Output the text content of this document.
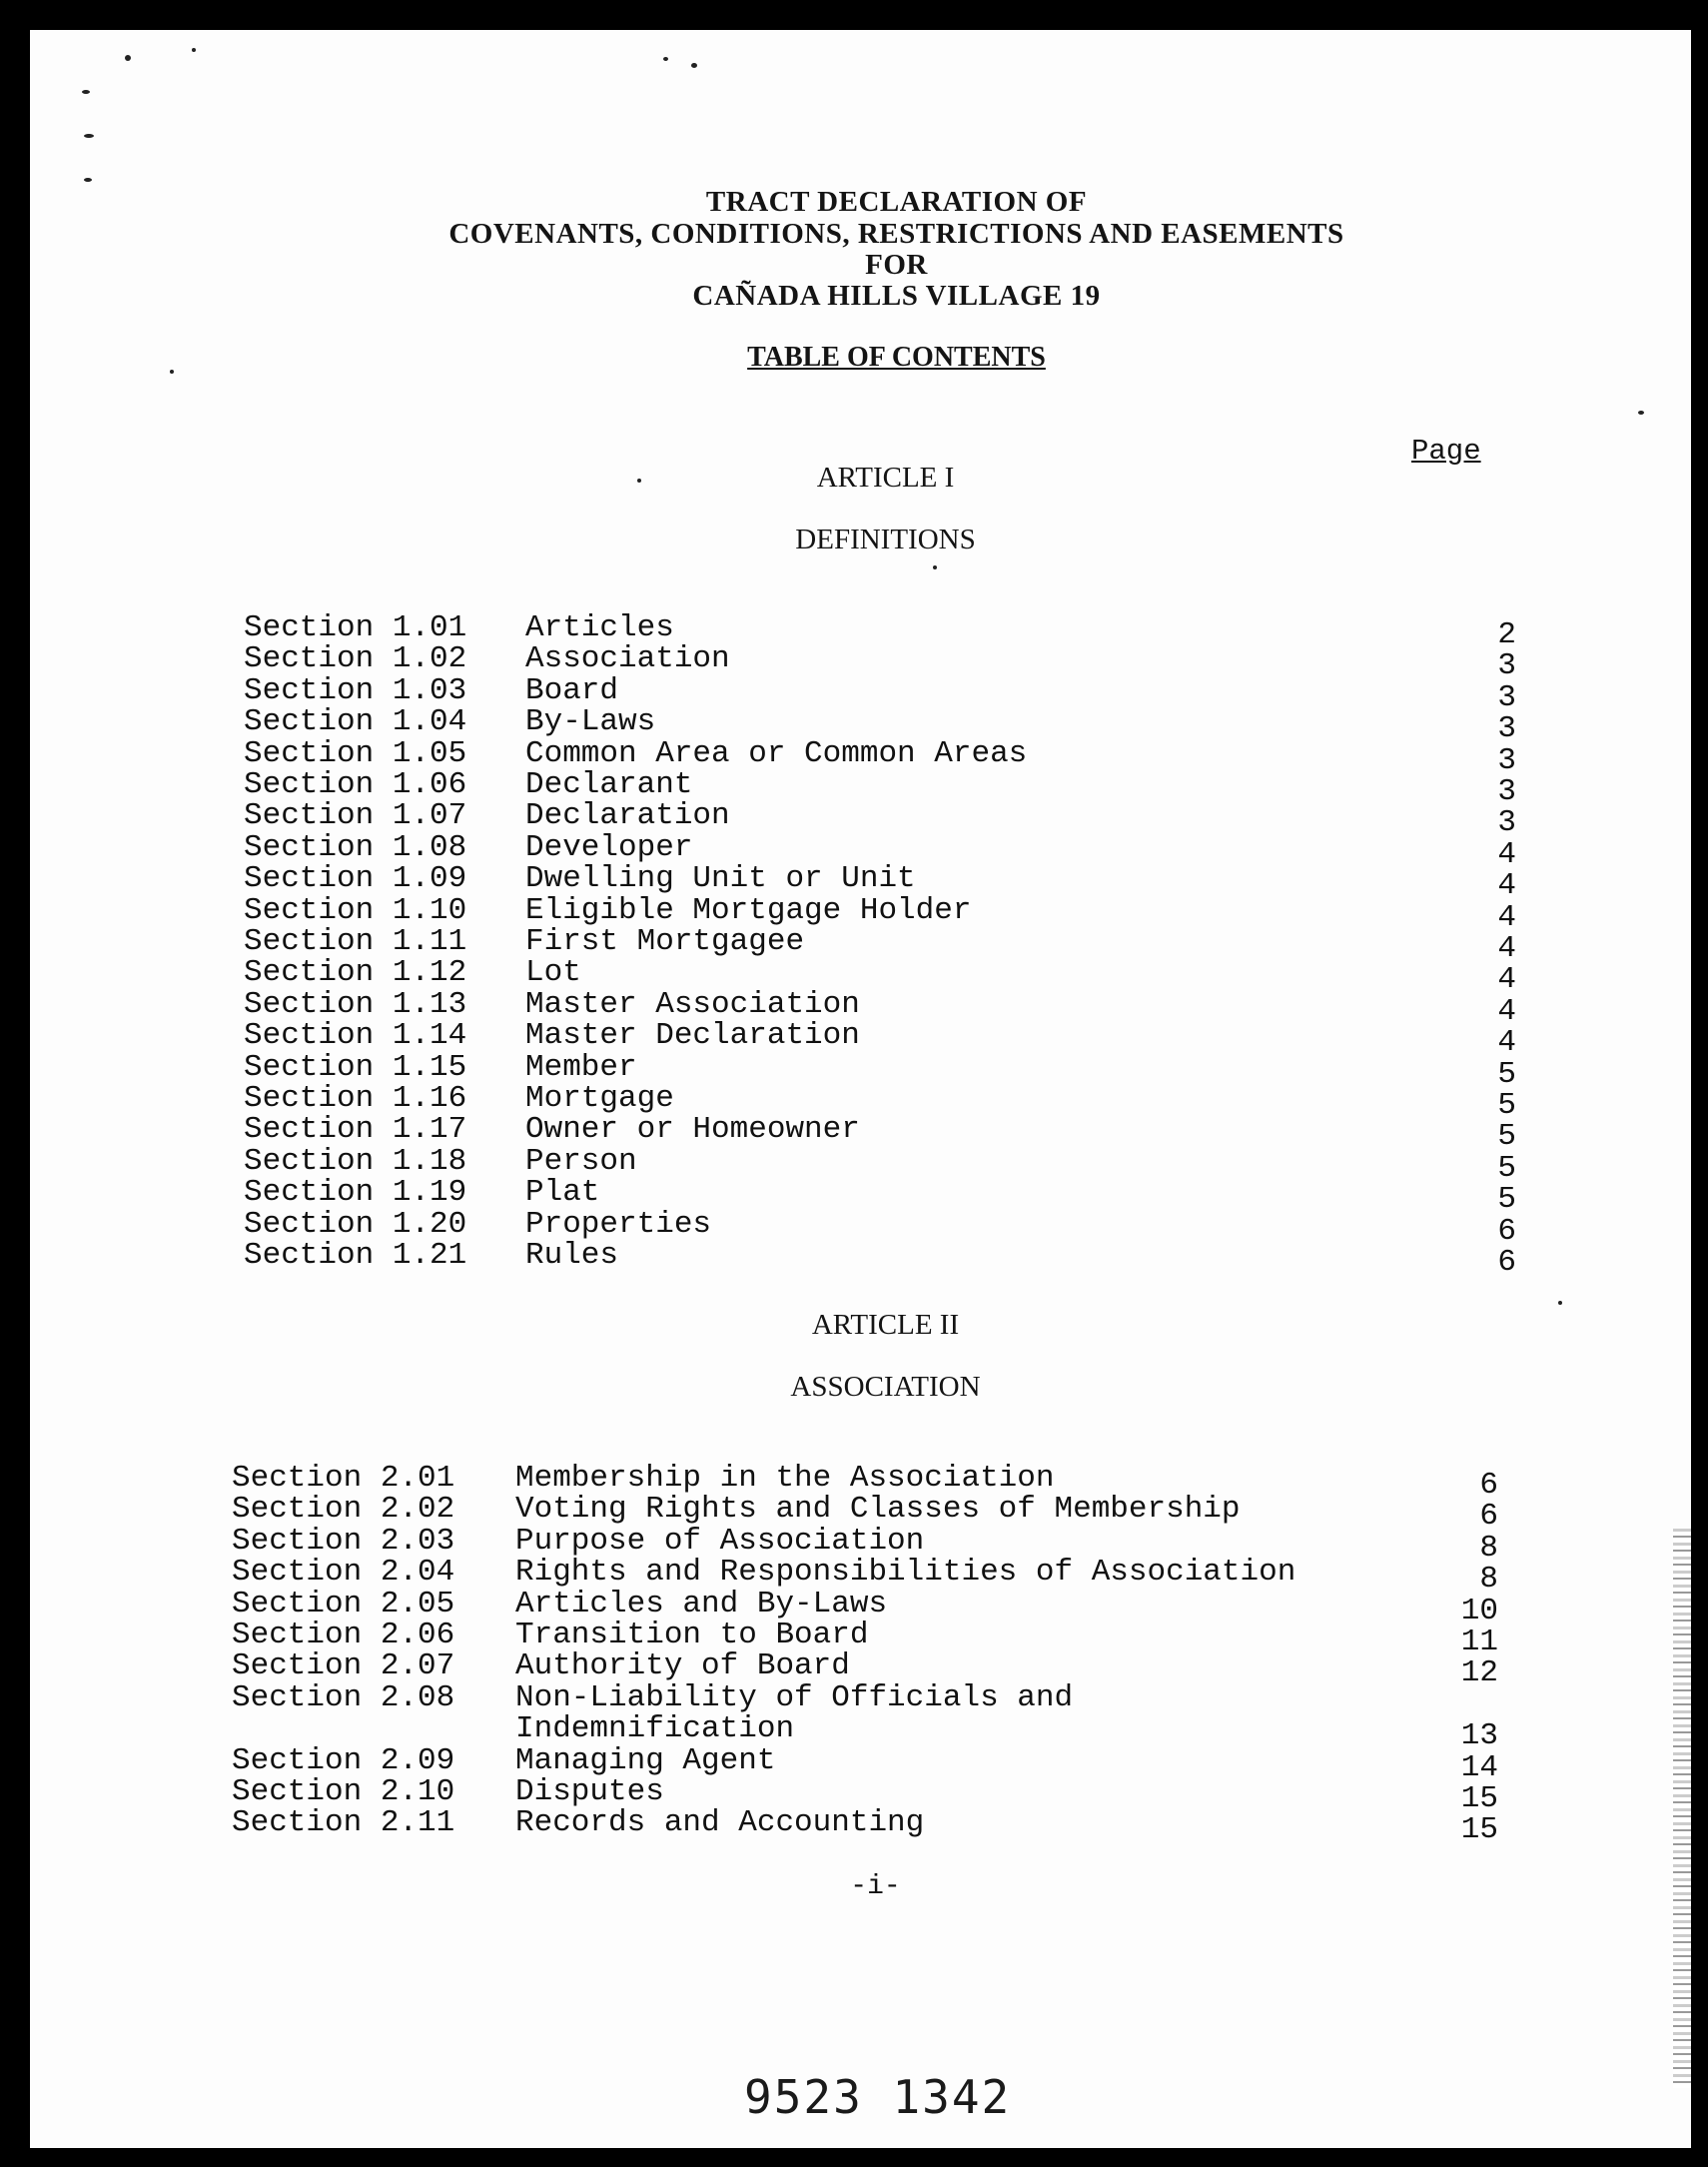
TRACT DECLARATION OF
COVENANTS, CONDITIONS, RESTRICTIONS AND EASEMENTS
FOR
CAÑADA HILLS VILLAGE 19
TABLE OF CONTENTS
Page
ARTICLE I
DEFINITIONS
Section 1.01 Articles	2
Section 1.02 Association	3
Section 1.03 Board	3
Section 1.04 By-Laws	3
Section 1.05 Common Area or Common Areas	3
Section 1.06 Declarant	3
Section 1.07 Declaration	3
Section 1.08 Developer	4
Section 1.09 Dwelling Unit or Unit	4
Section 1.10 Eligible Mortgage Holder	4
Section 1.11 First Mortgagee	4
Section 1.12 Lot	4
Section 1.13 Master Association	4
Section 1.14 Master Declaration	4
Section 1.15 Member	5
Section 1.16 Mortgage	5
Section 1.17 Owner or Homeowner	5
Section 1.18 Person	5
Section 1.19 Plat	5
Section 1.20 Properties	6
Section 1.21 Rules	6
ARTICLE II
ASSOCIATION
Section 2.01 Membership in the Association	6
Section 2.02 Voting Rights and Classes of Membership	6
Section 2.03 Purpose of Association	8
Section 2.04 Rights and Responsibilities of Association	8
Section 2.05 Articles and By-Laws	10
Section 2.06 Transition to Board	11
Section 2.07 Authority of Board	12
Section 2.08 Non-Liability of Officials and
Indemnification	13
Section 2.09 Managing Agent	14
Section 2.10 Disputes	15
Section 2.11 Records and Accounting	15
-i-
9523 1342
